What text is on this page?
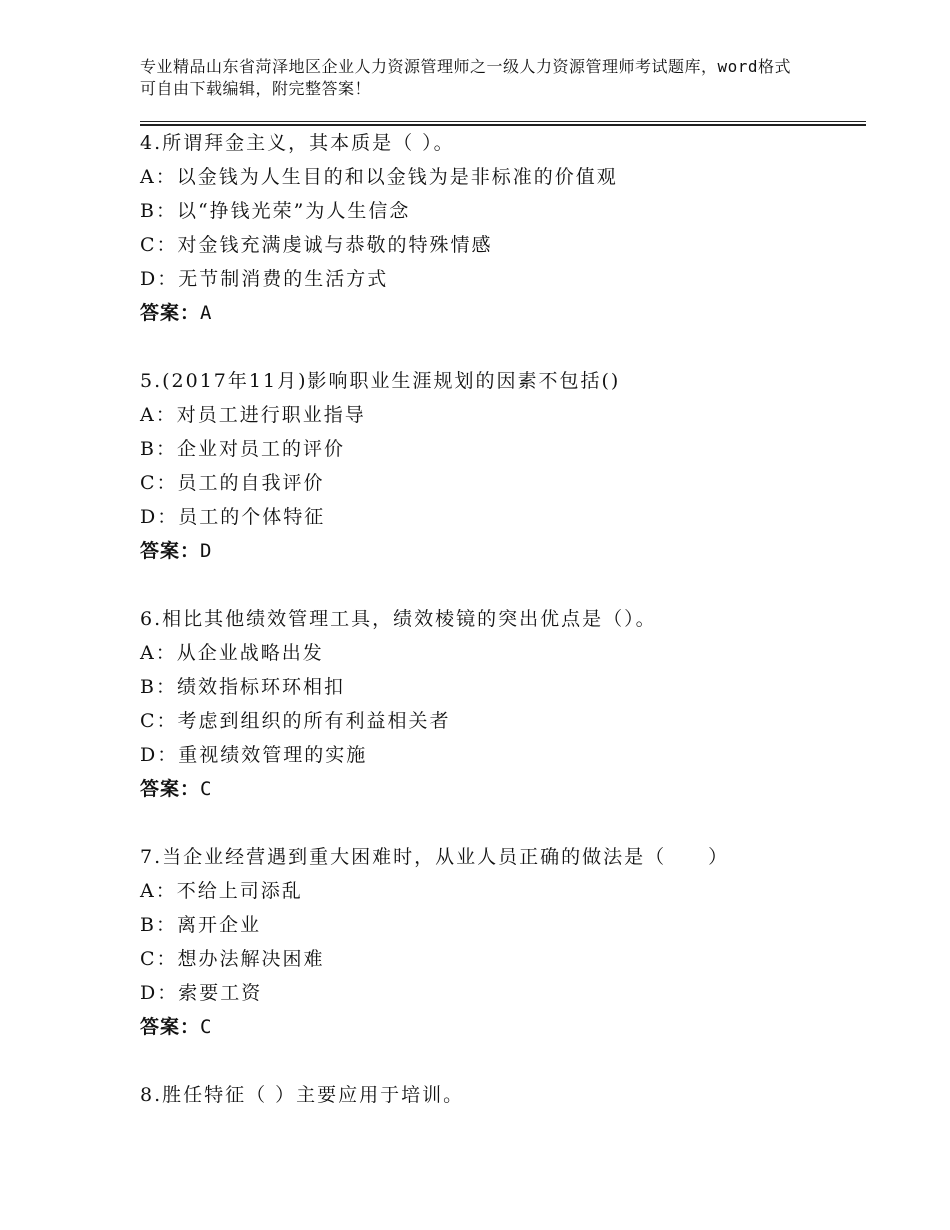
专业精品山东省菏泽地区企业人力资源管理师之一级人力资源管理师考试题库，word格式可自由下载编辑，附完整答案！
4.所谓拜金主义，其本质是（ ）。
A：以金钱为人生目的和以金钱为是非标准的价值观
B：以“挣钱光荣”为人生信念
C：对金钱充满虔诚与恭敬的特殊情感
D：无节制消费的生活方式
答案：A
5.(2017年11月)影响职业生涯规划的因素不包括()
A：对员工进行职业指导
B：企业对员工的评价
C：员工的自我评价
D：员工的个体特征
答案：D
6.相比其他绩效管理工具，绩效棱镜的突出优点是（）。
A：从企业战略出发
B：绩效指标环环相扣
C：考虑到组织的所有利益相关者
D：重视绩效管理的实施
答案：C
7.当企业经营遇到重大困难时，从业人员正确的做法是（　　）
A：不给上司添乱
B：离开企业
C：想办法解决困难
D：索要工资
答案：C
8.胜任特征（ ）主要应用于培训。
